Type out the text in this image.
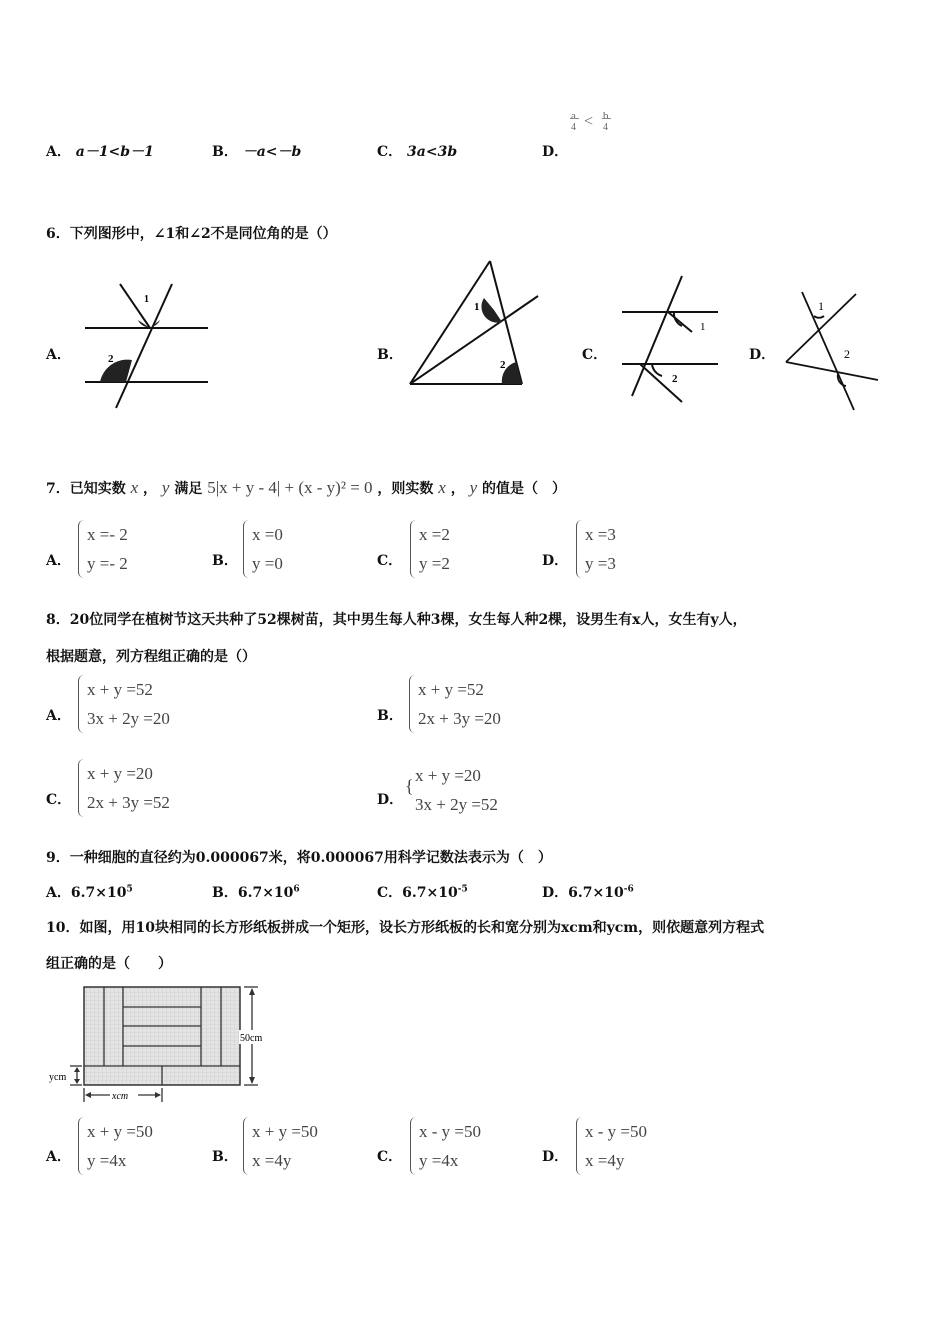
A． a－1<b－1	B． －a<－b	C． 3a<3b	D．
a
4 < b
4
6．下列图形中，∠1和∠2不是同位角的是（）
A．	B．	C．	D．
1
2
1
2
1
2
1
2
7．已知实数 x ， y 满足 5|x + y - 4| + (x - y)² = 0 ，则实数 x ， y 的值是（　）
A．
x =- 2
y =- 2	B．
x =0
y =0	C．
x =2
y =2	D．
x =3
y =3
8．20位同学在植树节这天共种了52棵树苗，其中男生每人种3棵，女生每人种2棵，设男生有x人，女生有y人，
根据题意，列方程组正确的是（）
A．
x + y =52
3x + 2y =20	B．
x + y =52
2x + 3y =20
C．
x + y =20
2x + 3y =52	D．
{
x + y =20
3x + 2y =52
9．一种细胞的直径约为0.000067米，将0.000067用科学记数法表示为（　）
A．$6.7\times 10^5$	B．$6.7\times 10^6$	C．$6.7\times 10^{-5}$	D．$6.7\times 10^{-6}$
10．如图，用10块相同的长方形纸板拼成一个矩形，设长方形纸板的长和宽分别为xcm和ycm，则依题意列方程式
组正确的是（　　）
50cm
ycm
xcm
A．
x + y =50
y =4x	B．
x + y =50
x =4y	C．
x - y =50
y =4x	D．
x - y =50
x =4y
